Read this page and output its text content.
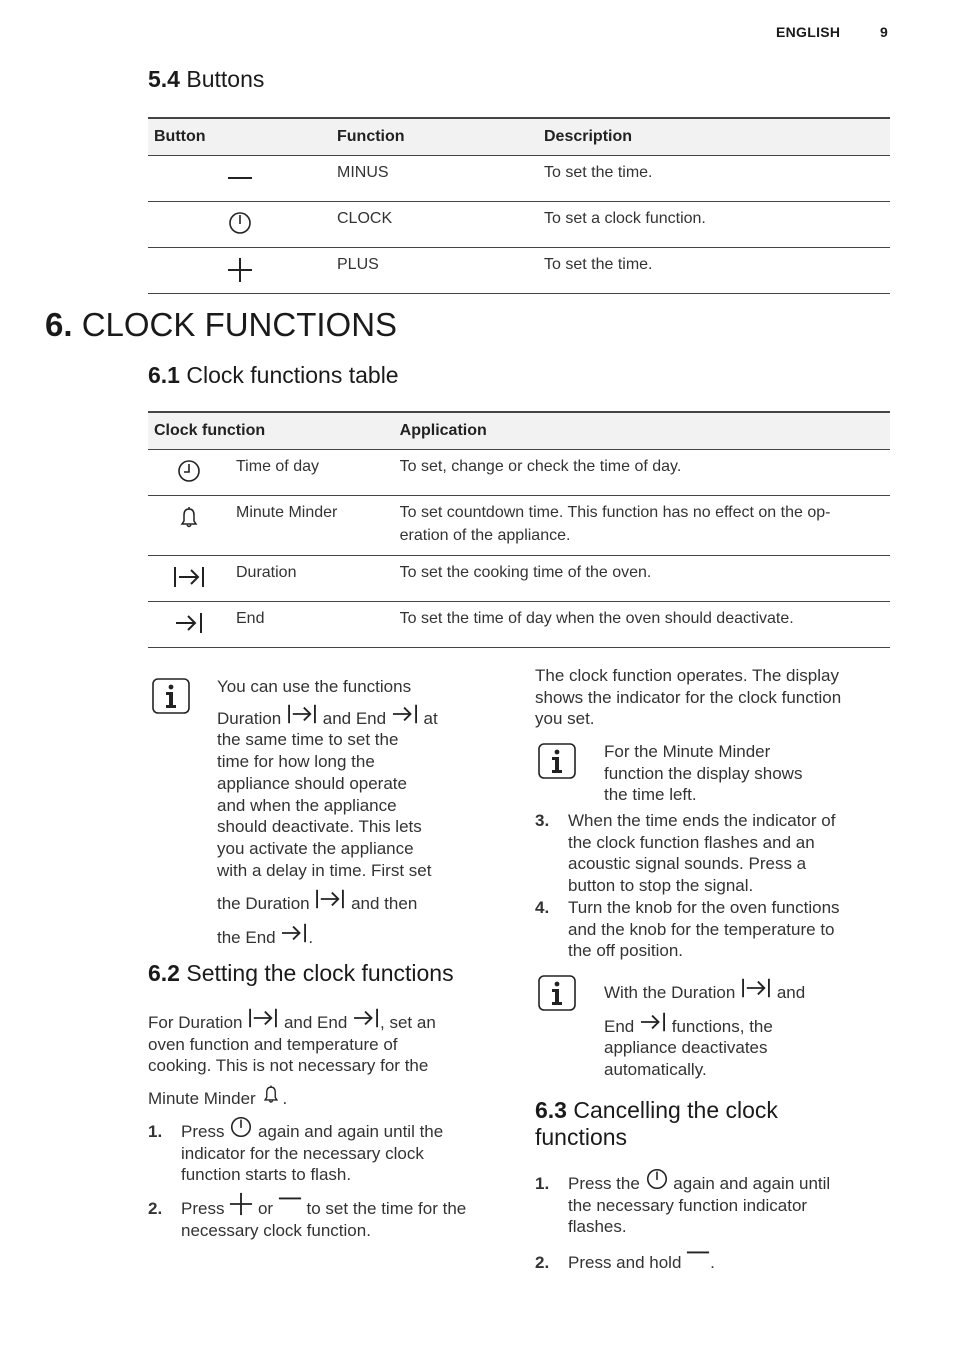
ENGLISH	9
5.4 Buttons
Button	Function	Description
	MINUS	To set the time.
	CLOCK	To set a clock function.
	PLUS	To set the time.
6. CLOCK FUNCTIONS
6.1 Clock functions table
Clock function		Application
	Time of day	To set, change or check the time of day.
	Minute Minder	To set countdown time. This function has no effect on the op-
eration of the appliance.

	Duration	To set the cooking time of the oven.
	End	To set the time of day when the oven should deactivate.
You can use the functions
Duration and End at
the same time to set the
time for how long the
appliance should operate
and when the appliance
should deactivate. This lets
you activate the appliance
with a delay in time. First set
the Duration and then
the End .
6.2 Setting the clock functions
For Duration and End , set an
oven function and temperature of
cooking. This is not necessary for the
Minute Minder .
1. Press again and again until the
indicator for the necessary clock
function starts to flash.
2. Press or to set the time for the
necessary clock function.
The clock function operates. The display
shows the indicator for the clock function
you set.
For the Minute Minder
function the display shows
the time left.
3. When the time ends the indicator of
the clock function flashes and an
acoustic signal sounds. Press a
button to stop the signal.
4. Turn the knob for the oven functions
and the knob for the temperature to
the off position.
With the Duration and
End functions, the
appliance deactivates
automatically.
6.3 Cancelling the clock
functions
1. Press the again and again until
the necessary function indicator
flashes.
2. Press and hold .
